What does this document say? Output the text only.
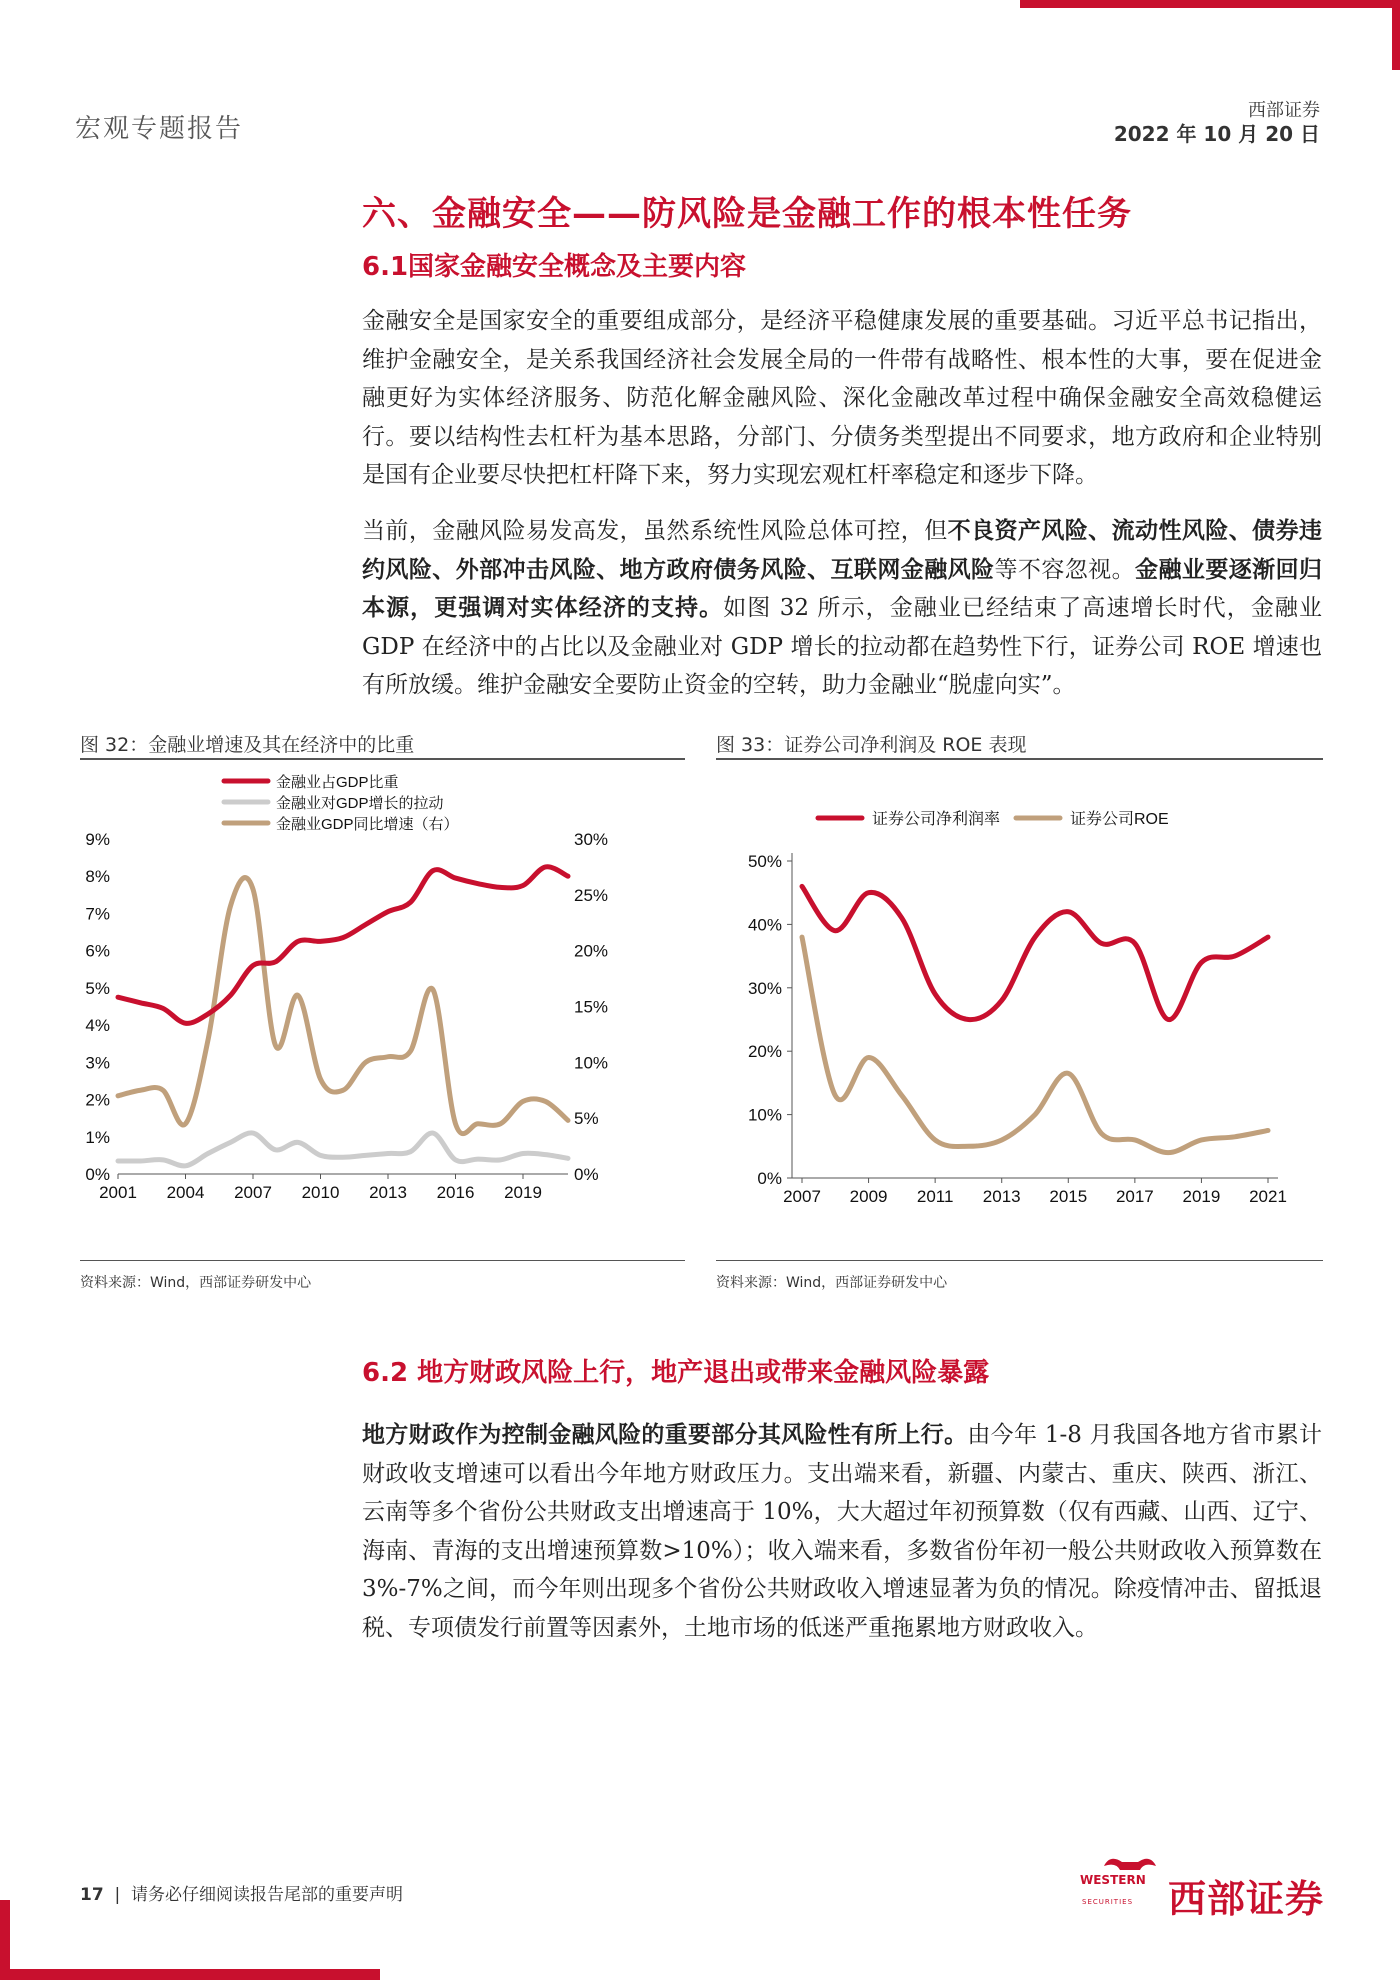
宏观专题报告
西部证券
2022 年 10 月 20 日
六、金融安全——防风险是金融工作的根本性任务
6.1国家金融安全概念及主要内容
金融安全是国家安全的重要组成部分，是经济平稳健康发展的重要基础。习近平总书记指出，维护金融安全，是关系我国经济社会发展全局的一件带有战略性、根本性的大事，要在促进金融更好为实体经济服务、防范化解金融风险、深化金融改革过程中确保金融安全高效稳健运行。要以结构性去杠杆为基本思路，分部门、分债务类型提出不同要求，地方政府和企业特别是国有企业要尽快把杠杆降下来，努力实现宏观杠杆率稳定和逐步下降。
当前，金融风险易发高发，虽然系统性风险总体可控，但不良资产风险、流动性风险、债券违约风险、外部冲击风险、地方政府债务风险、互联网金融风险等不容忽视。金融业要逐渐回归本源，更强调对实体经济的支持。如图 32 所示，金融业已经结束了高速增长时代，金融业 GDP 在经济中的占比以及金融业对 GDP 增长的拉动都在趋势性下行，证券公司 ROE 增速也有所放缓。维护金融安全要防止资金的空转，助力金融业“脱虚向实”。
图 32：金融业增速及其在经济中的比重
0%
1%
2%
3%
4%
5%
6%
7%
8%
9%
0%
5%
10%
15%
20%
25%
30%
2001 2004 2007 2010 2013 2016 2019
金融业占GDP比重
金融业对GDP增长的拉动
金融业GDP同比增速（右）
资料来源：Wind，西部证券研发中心
图 33：证券公司净利润及 ROE 表现
0%
10%
20%
30%
40%
50%
2007 2009 2011 2013 2015 2017 2019 2021
证券公司净利润率	证券公司ROE
资料来源：Wind，西部证券研发中心
6.2 地方财政风险上行，地产退出或带来金融风险暴露
地方财政作为控制金融风险的重要部分其风险性有所上行。由今年 1-8 月我国各地方省市累计财政收支增速可以看出今年地方财政压力。支出端来看，新疆、内蒙古、重庆、陕西、浙江、云南等多个省份公共财政支出增速高于 10%，大大超过年初预算数（仅有西藏、山西、辽宁、海南、青海的支出增速预算数>10%）；收入端来看，多数省份年初一般公共财政收入预算数在 3%-7%之间，而今年则出现多个省份公共财政收入增速显著为负的情况。除疫情冲击、留抵退税、专项债发行前置等因素外，土地市场的低迷严重拖累地方财政收入。
17 | 请务必仔细阅读报告尾部的重要声明
WESTERN
SECURITIES 西部证券
